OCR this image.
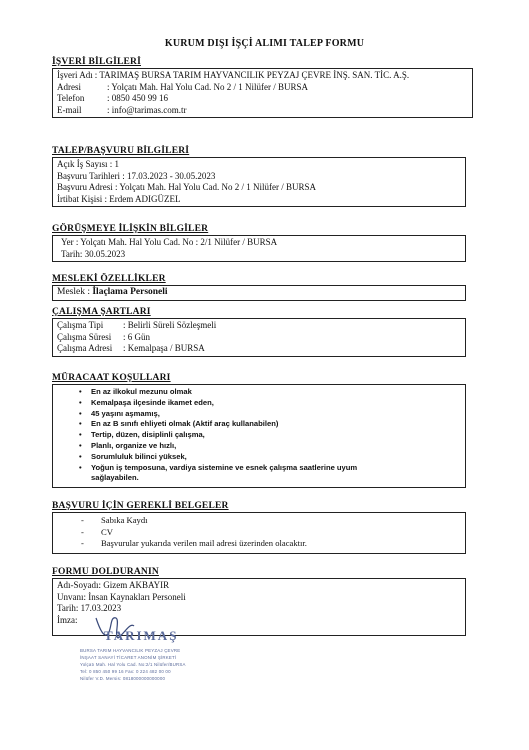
KURUM DIŞI İŞÇİ ALIMI TALEP FORMU
İŞVERİ BİLGİLERİ
İşveri Adı : TARIMAŞ BURSA TARIM HAYVANCILIK PEYZAJ ÇEVRE İNŞ. SAN. TİC. A.Ş.
Adresi	: Yolçatı Mah. Hal Yolu Cad. No 2 / 1 Nilüfer / BURSA
Telefon	: 0850 450 99 16
E-mail	: info@tarimas.com.tr
TALEP/BAŞVURU BİLGİLERİ
Açık İş Sayısı : 1
Başvuru Tarihleri : 17.03.2023 - 30.05.2023
Başvuru Adresi : Yolçatı Mah. Hal Yolu Cad. No 2 / 1 Nilüfer / BURSA
İrtibat Kişisi : Erdem ADIGÜZEL
GÖRÜŞMEYE İLİŞKİN BİLGİLER
Yer : Yolçatı Mah. Hal Yolu Cad. No : 2/1 Nilüfer / BURSA
Tarih: 30.05.2023
MESLEKİ ÖZELLİKLER
Meslek : İlaçlama Personeli
ÇALIŞMA ŞARTLARI
Çalışma Tipi	: Belirli Süreli Sözleşmeli
Çalışma Süresi	: 6 Gün
Çalışma Adresi	: Kemalpaşa / BURSA
MÜRACAAT KOŞULLARI
• En az ilkokul mezunu olmak
• Kemalpaşa ilçesinde ikamet eden,
• 45 yaşını aşmamış,
• En az B sınıfı ehliyeti olmak (Aktif araç kullanabilen)
• Tertip, düzen, disiplinli çalışma,
• Planlı, organize ve hızlı,
• Sorumluluk bilinci yüksek,
• Yoğun iş temposuna, vardiya sistemine ve esnek çalışma saatlerine uyum sağlayabilen.
BAŞVURU İÇİN GEREKLİ BELGELER
- Sabıka Kaydı
- CV
- Başvurular yukarıda verilen mail adresi üzerinden olacaktır.
FORMU DOLDURANIN
Adı-Soyadı: Gizem AKBAYIR
Unvanı: İnsan Kaynakları Personeli
Tarih: 17.03.2023
İmza:
TARIMAŞ
BURSA TARIM HAYVANCILIK PEYZAJ ÇEVRE
İNŞAAT SANAYİ TİCARET ANONİM ŞİRKETİ
Yolçatı Mah. Hal Yolu Cad. No:2/1 Nilüfer/BURSA
Tel: 0 850 450 99 16 Fax: 0 224 482 00 00
Nilüfer V.D. Mersis: 0818000000000000
